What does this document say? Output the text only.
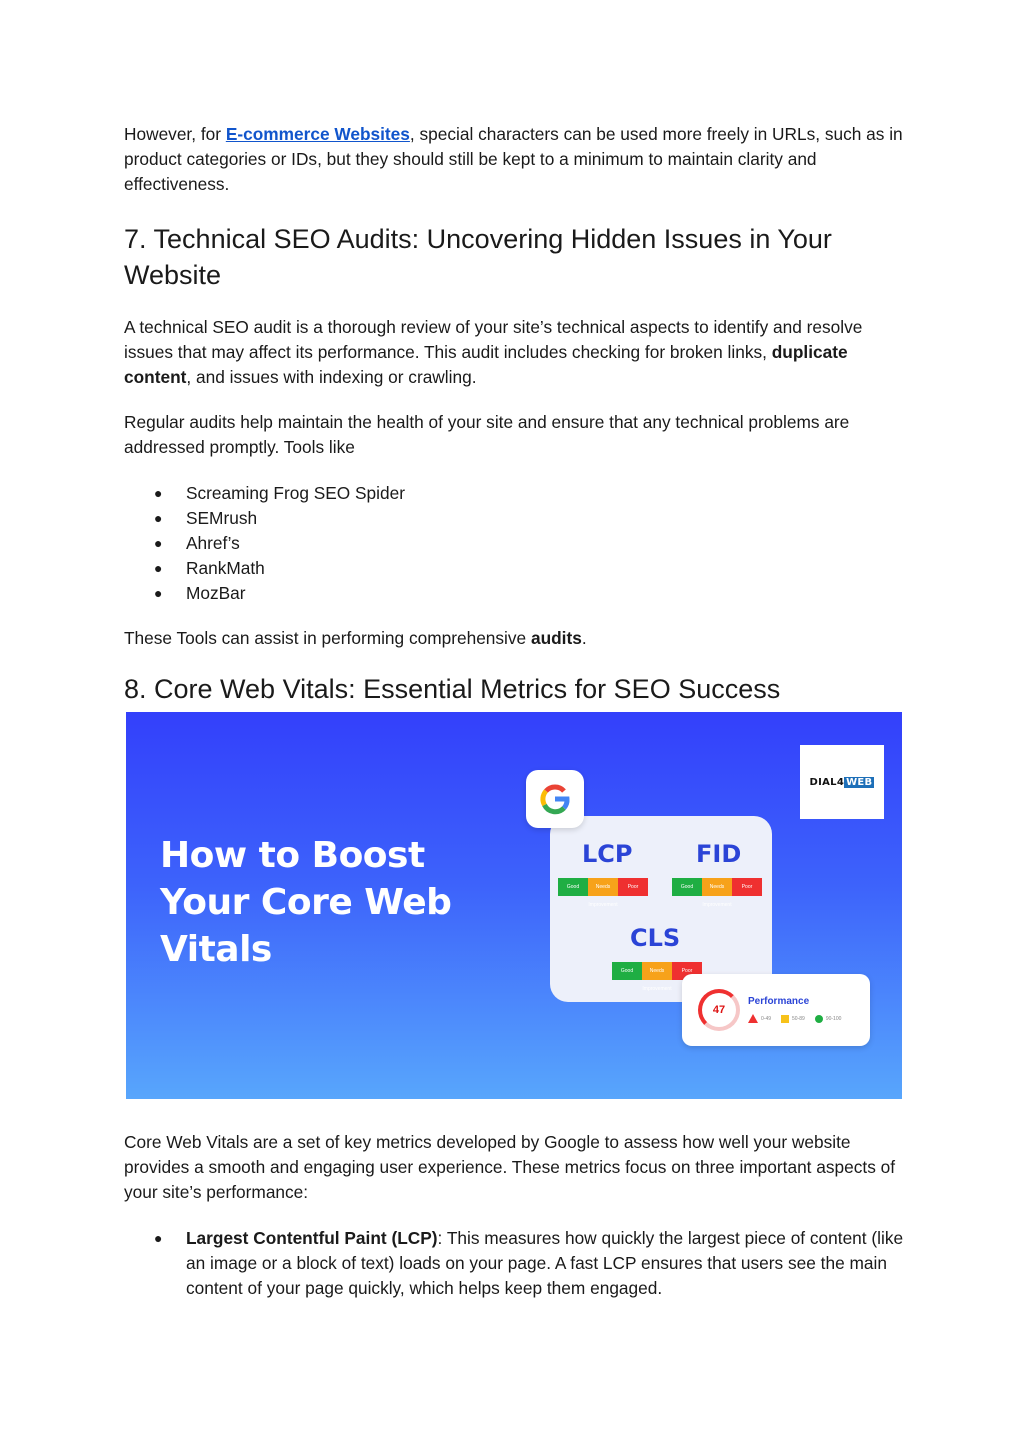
However, for E-commerce Websites, special characters can be used more freely in URLs, such as in product categories or IDs, but they should still be kept to a minimum to maintain clarity and effectiveness.

7. Technical SEO Audits: Uncovering Hidden Issues in Your Website

A technical SEO audit is a thorough review of your site’s technical aspects to identify and resolve issues that may affect its performance. This audit includes checking for broken links, duplicate content, and issues with indexing or crawling.

Regular audits help maintain the health of your site and ensure that any technical problems are addressed promptly. Tools like

● Screaming Frog SEO Spider
● SEMrush
● Ahref’s
● RankMath
● MozBar

These Tools can assist in performing comprehensive audits.

8. Core Web Vitals: Essential Metrics for SEO Success
How to Boost Your Core Web Vitals
LCP	FID
CLS
Good	Needs Improvement
Poor	Good	Needs Improvement
Poor
Good	Needs Improvement
Poor
47
Performance
0-49	50-89	90-100
DIAL4 WEB

Core Web Vitals are a set of key metrics developed by Google to assess how well your website provides a smooth and engaging user experience. These metrics focus on three important aspects of your site’s performance:

● Largest Contentful Paint (LCP): This measures how quickly the largest piece of content (like an image or a block of text) loads on your page. A fast LCP ensures that users see the main content of your page quickly, which helps keep them engaged.
